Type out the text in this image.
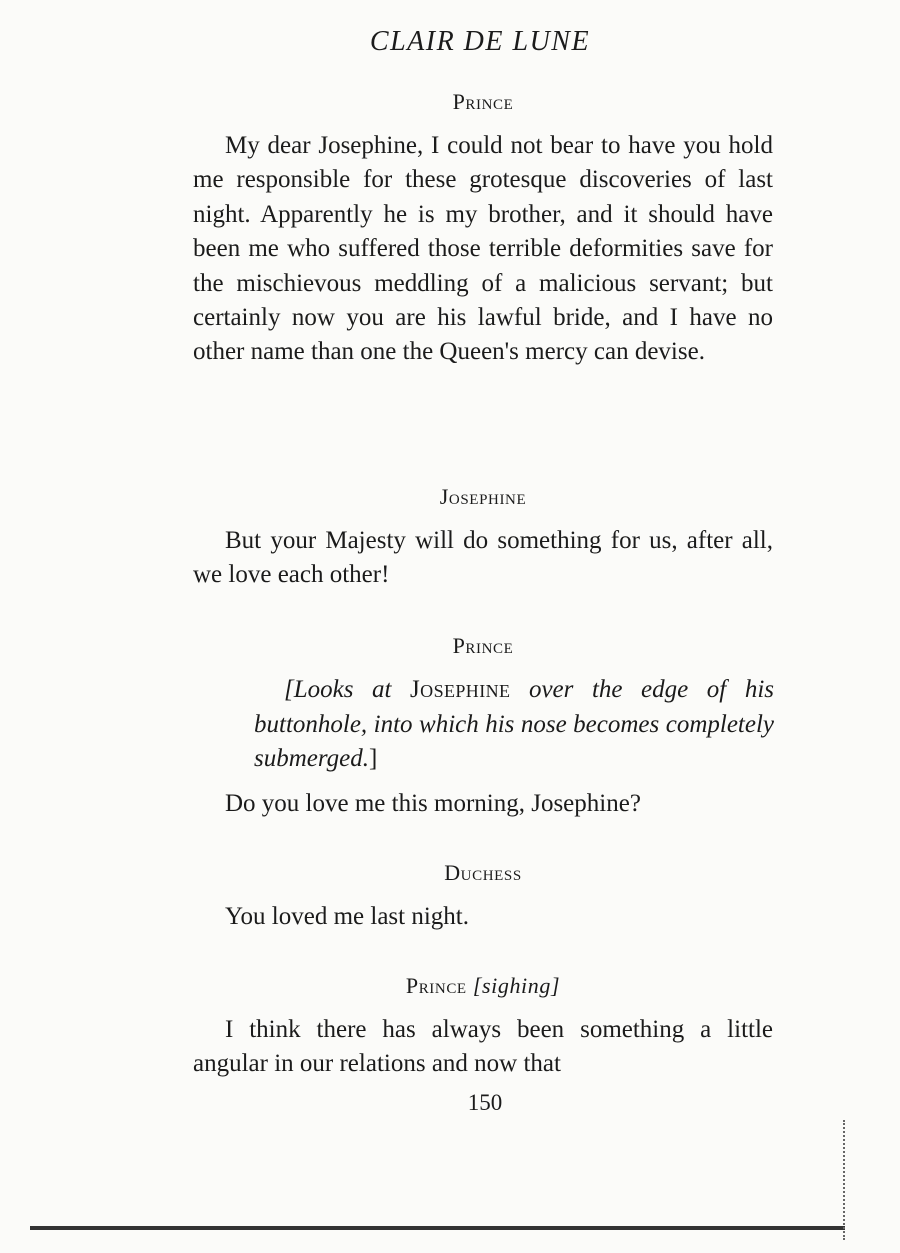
CLAIR DE LUNE
Prince
My dear Josephine, I could not bear to have you hold me responsible for these grotesque discoveries of last night. Apparently he is my brother, and it should have been me who suffered those terrible deformities save for the mischievous meddling of a malicious servant; but certainly now you are his lawful bride, and I have no other name than one the Queen's mercy can devise.
Josephine
But your Majesty will do something for us, after all, we love each other!
Prince
[Looks at Josephine over the edge of his buttonhole, into which his nose becomes completely submerged.]
Do you love me this morning, Josephine?
Duchess
You loved me last night.
Prince [sighing]
I think there has always been something a little angular in our relations and now that
150
